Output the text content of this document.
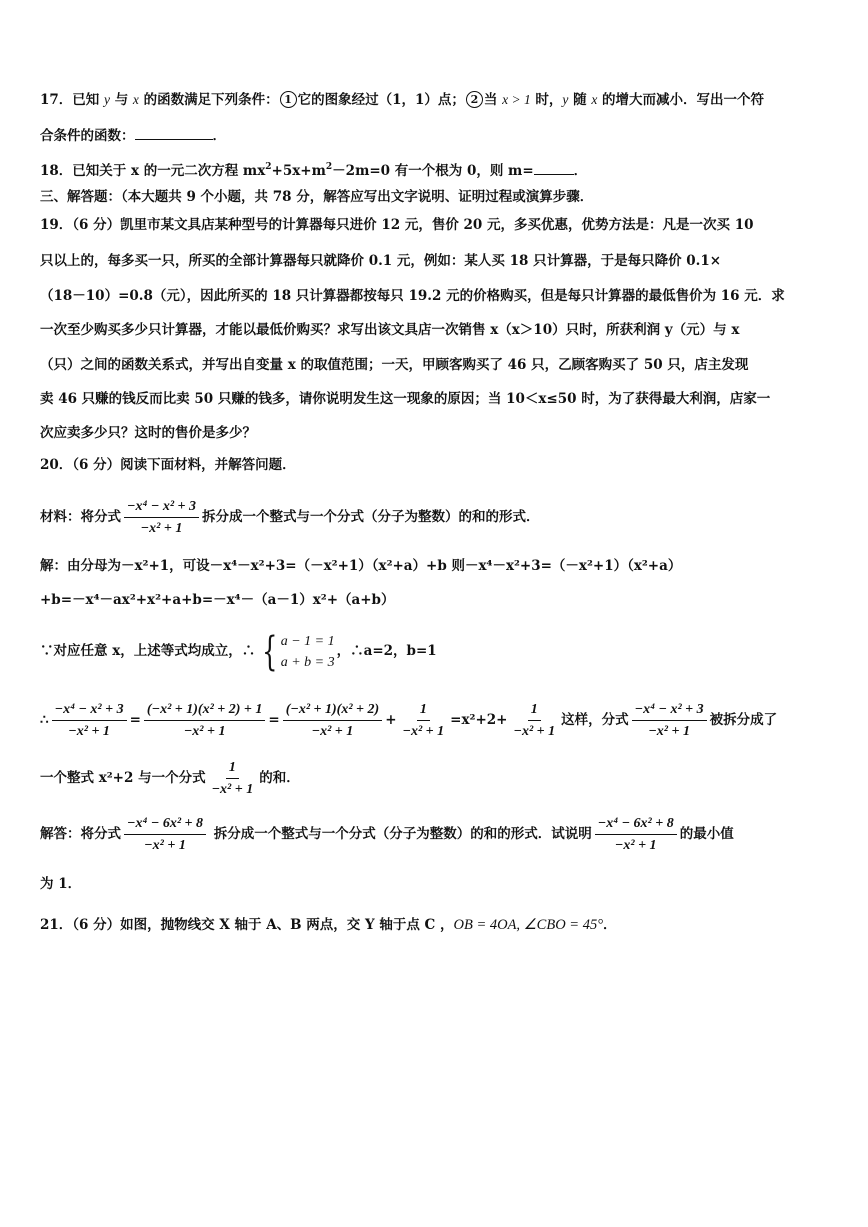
17．已知 y 与 x 的函数满足下列条件： 1 它的图象经过（1，1）点； 2 当 x > 1 时，y 随 x 的增大而减小．写出一个符
合条件的函数：	．
18．已知关于 x 的一元二次方程 $mx^2+5x+m^2-2m=0$ 有一个根为 0，则 m=	．
三、解答题：（本大题共 9 个小题，共 78 分，解答应写出文字说明、证明过程或演算步骤．
19．（6 分）凯里市某文具店某种型号的计算器每只进价 12 元，售价 20 元，多买优惠，优势方法是：凡是一次买 10
只以上的，每多买一只，所买的全部计算器每只就降价 0.1 元，例如：某人买 18 只计算器，于是每只降价 0.1×
（18－10）=0.8（元），因此所买的 18 只计算器都按每只 19.2 元的价格购买，但是每只计算器的最低售价为 16 元．求
一次至少购买多少只计算器，才能以最低价购买？求写出该文具店一次销售 x（x＞10）只时，所获利润 y（元）与 x
（只）之间的函数关系式，并写出自变量 x 的取值范围；一天，甲顾客购买了 46 只，乙顾客购买了 50 只，店主发现
卖 46 只赚的钱反而比卖 50 只赚的钱多，请你说明发生这一现象的原因；当 10＜x≤50 时，为了获得最大利润，店家一
次应卖多少只？这时的售价是多少？
20．（6 分）阅读下面材料，并解答问题．
材料：将分式 $\frac{\text{−x⁴ − x² + 3}}{\text{−x² + 1}}$ 拆分成一个整式与一个分式（分子为整数）的和的形式．
解：由分母为－x²+1，可设－x⁴－x²+3=（－x²+1）（x²+a）+b 则－x⁴－x²+3=（－x²+1）（x²+a）
+b=－x⁴－ax²+x²+a+b=－x⁴－（a－1）x²+（a+b）
∵对应任意 x，上述等式均成立，∴ { a − 1 = 1
a + b = 3
，∴a=2，b=1
∴ $\frac{\text{−x⁴ − x² + 3}}{\text{−x² + 1}} = \frac{\text{(−x² + 1)(x² + 2) + 1}}{\text{−x² + 1}} = \frac{\text{(−x² + 1)(x² + 2)}}{\text{−x² + 1}} + \frac{1}{\text{−x² + 1}} =x^2+2+ \frac{1}{\text{−x² + 1}}$ 这样，分式 $\frac{\text{−x⁴ − x² + 3}}{\text{−x² + 1}}$ 被拆分成了
一个整式 x²+2 与一个分式 $\frac{1}{\text{−x² + 1}}$ 的和．
解答：将分式 $\frac{\text{−x⁴ − 6x² + 8}}{\text{−x² + 1}}$ 拆分成一个整式与一个分式（分子为整数）的和的形式．试说明 $\frac{\text{−x⁴ − 6x² + 8}}{\text{−x² + 1}}$ 的最小值
为 1．
21．（6 分）如图，抛物线交 X 轴于 A、B 两点，交 Y 轴于点 C ，OB = 4OA, ∠CBO = 45°．
